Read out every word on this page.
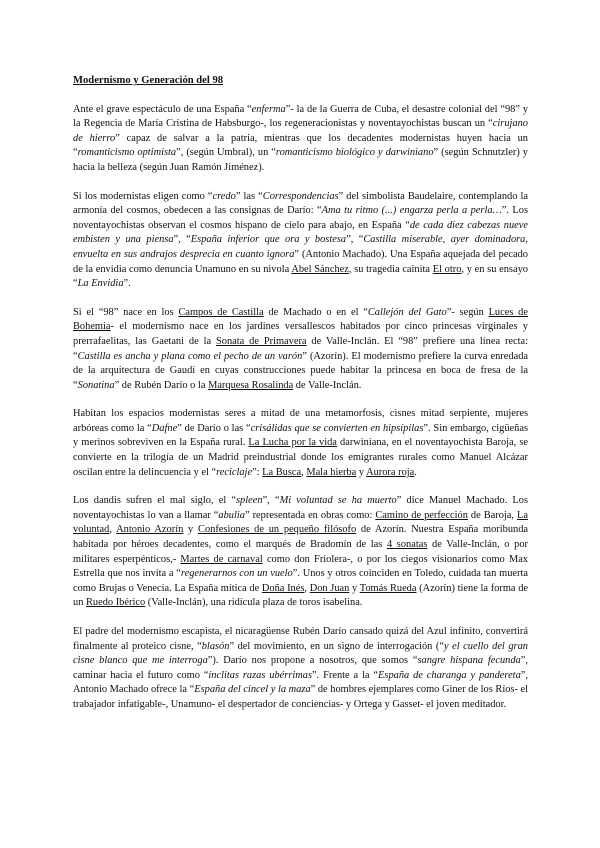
Modernismo y Generación del 98

Ante el grave espectáculo de una España “enferma”- la de la Guerra de Cuba, el desastre colonial del “98” y la Regencia de María Cristina de Habsburgo-, los regeneracionistas y noventayochistas buscan un “cirujano de hierro” capaz de salvar a la patria, mientras que los decadentes modernistas huyen hacia un “romanticismo optimista”, (según Umbral), un “romanticismo biológico y darwiniano” (según Schnutzler) y hacia la belleza (según Juan Ramón Jiménez).

Si los modernistas eligen como “credo” las “Correspondencias” del simbolista Baudelaire, contemplando la armonía del cosmos, obedecen a las consignas de Darío: “Ama tu ritmo (...) engarza perla a perla…”. Los noventayochistas observan el cosmos hispano de cielo para abajo, en España “de cada diez cabezas nueve embisten y una piensa”, “España inferior que ora y bostesa”, “Castilla miserable, ayer dominadora, envuelta en sus andrajos desprecia en cuanto ignora” (Antonio Machado). Una España aquejada del pecado de la envidia como denuncia Unamuno en su nivola Abel Sánchez, su tragedia cainita El otro, y en su ensayo “La Envidia”.

Si el “98” nace en los Campos de Castilla de Machado o en el “Callejón del Gato”- según Luces de Bohemia- el modernismo nace en los jardines versallescos habitados por cinco princesas virginales y prerrafaelitas, las Gaetani de la Sonata de Primavera de Valle-Inclán. El “98” prefiere una línea recta: “Castilla es ancha y plana como el pecho de un varón” (Azorín). El modernismo prefiere la curva enredada de la arquitectura de Gaudí en cuyas construcciones puede habitar la princesa en boca de fresa de la “Sonatina” de Rubén Darío o la Marquesa Rosalinda de Valle-Inclán.

Habitan los espacios modernistas seres a mitad de una metamorfosis, cisnes mitad serpiente, mujeres arbóreas como la “Dafne” de Darío o las “crisálidas que se convierten en hipsípilas”. Sin embargo, cigüeñas y merinos sobreviven en la España rural. La Lucha por la vida darwiniana, en el noventayochista Baroja, se convierte en la trilogía de un Madrid preindustrial donde los emigrantes rurales como Manuel Alcázar oscilan entre la delincuencia y el “reciclaje”: La Busca, Mala hierba y Aurora roja.

Los dandis sufren el mal siglo, el “spleen”, “Mi voluntad se ha muerto” dice Manuel Machado. Los noventayochistas lo van a llamar “abulia” representada en obras como: Camino de perfección de Baroja, La voluntad, Antonio Azorín y Confesiones de un pequeño filósofo de Azorín. Nuestra España moribunda habitada por héroes decadentes, como el marqués de Bradomín de las 4 sonatas de Valle-Inclán, o por militares esperpénticos,- Martes de carnaval como don Friolera-, o por los ciegos visionarios como Max Estrella que nos invita a “regenerarnos con un vuelo”. Unos y otros coinciden en Toledo, cuidada tan muerta como Brujas o Venecia. La España mítica de Doña Inés, Don Juan y Tomás Rueda (Azorín) tiene la forma de un Ruedo Ibérico (Valle-Inclán), una ridícula plaza de toros isabelina.

El padre del modernismo escapista, el nicaragüense Rubén Darío cansado quizá del Azul infinito, convertirá finalmente al proteico cisne, “blasón” del movimiento, en un signo de interrogación (“y el cuello del gran cisne blanco que me interroga”). Darío nos propone a nosotros, que somos “sangre hispana fecunda”, caminar hacia el futuro como “ínclitas razas ubérrimas”. Frente a la “España de charanga y pandereta”, Antonio Machado ofrece la “España del cincel y la maza” de hombres ejemplares como Giner de los Ríos- el trabajador infatigable-, Unamuno- el despertador de conciencias- y Ortega y Gasset- el joven meditador.
